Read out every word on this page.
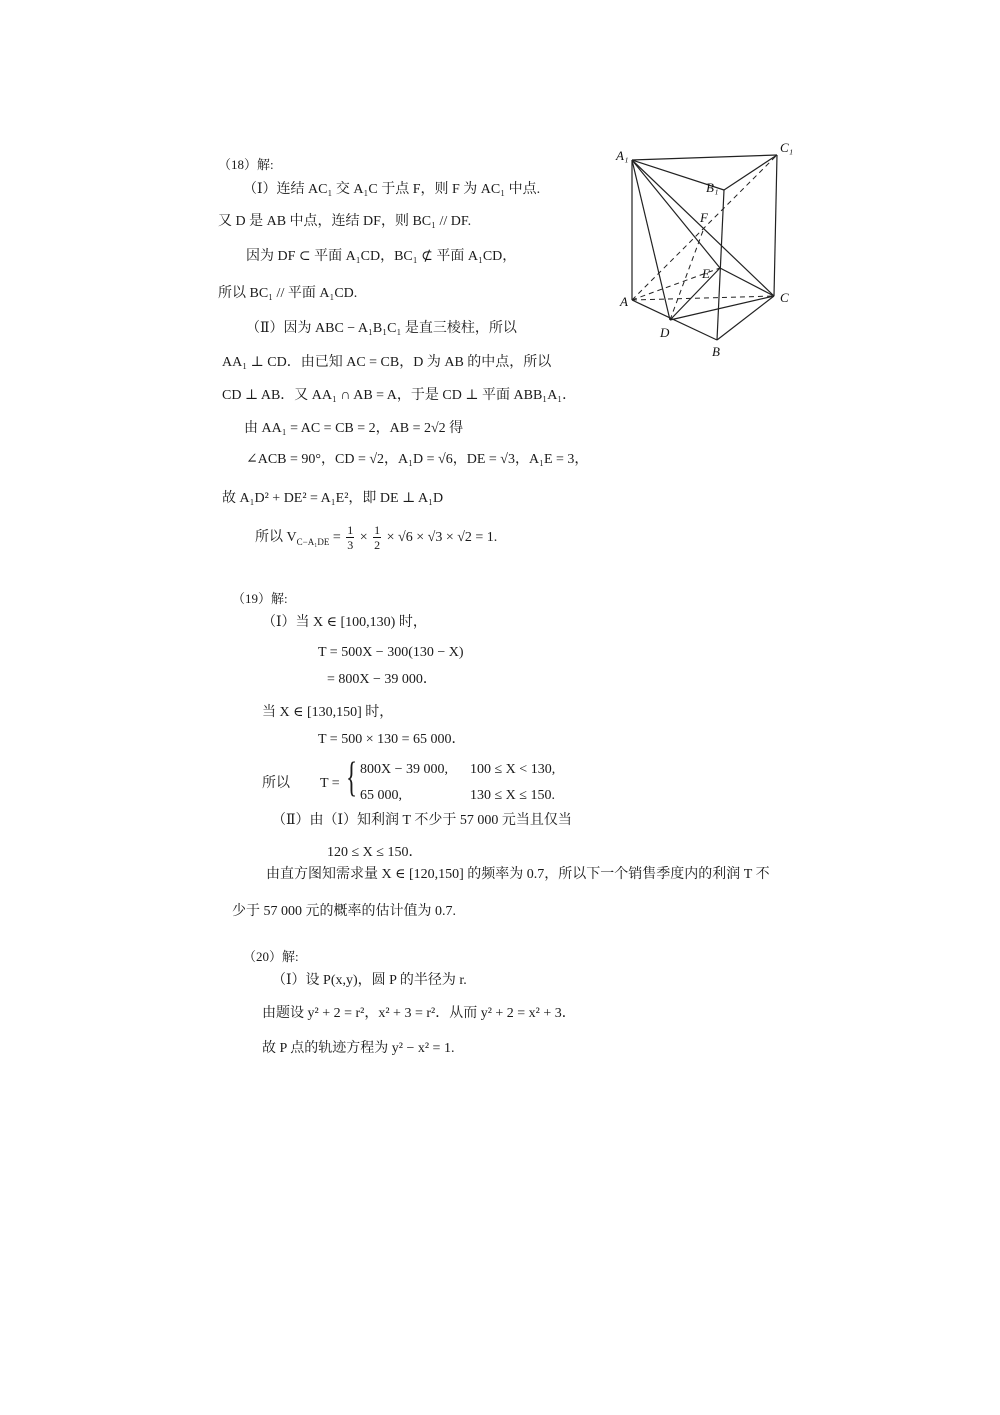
（18）解:
（Ⅰ）连结 AC₁ 交 A₁C 于点 F，则 F 为 AC₁ 中点.
又 D 是 AB 中点，连结 DF，则 BC₁ // DF.
因为 DF ⊂ 平面 A₁CD，BC₁ ⊄ 平面 A₁CD，
所以 BC₁ // 平面 A₁CD.
（Ⅱ）因为 ABC − A₁B₁C₁ 是直三棱柱，所以
AA₁ ⊥ CD．由已知 AC = CB，D 为 AB 的中点，所以
CD ⊥ AB．又 AA₁ ∩ AB = A，于是 CD ⊥ 平面 ABB₁A₁．
由 AA₁ = AC = CB = 2，AB = 2√2 得
∠ACB = 90°，CD = √2，A₁D = √6，DE = √3，A₁E = 3，
故 A₁D² + DE² = A₁E²，即 DE ⊥ A₁D
所以 $V_{C-A_1DE} = \frac{1}{3} \times \frac{1}{2} \times √6 \times √3 \times √2 = 1$.
A₁
C₁
B₁
F
E
A	C
D
B
（19）解:
（Ⅰ）当 X ∈ [100,130) 时，
T = 500X − 300(130 − X)
= 800X − 39 000．
当 X ∈ [130,150] 时，
T = 500 × 130 = 65 000．
所以 T = { 800X − 39 000, 100 ≤ X < 130,
65 000,	130 ≤ X ≤ 150.
（Ⅱ）由（Ⅰ）知利润 T 不少于 57 000 元当且仅当
120 ≤ X ≤ 150．
由直方图知需求量 X ∈ [120,150] 的频率为 0.7，所以下一个销售季度内的利润 T 不
少于 57 000 元的概率的估计值为 0.7.
（20）解:
（Ⅰ）设 P(x,y)，圆 P 的半径为 r.
由题设 y² + 2 = r²，x² + 3 = r²．从而 y² + 2 = x² + 3．
故 P 点的轨迹方程为 y² − x² = 1.
